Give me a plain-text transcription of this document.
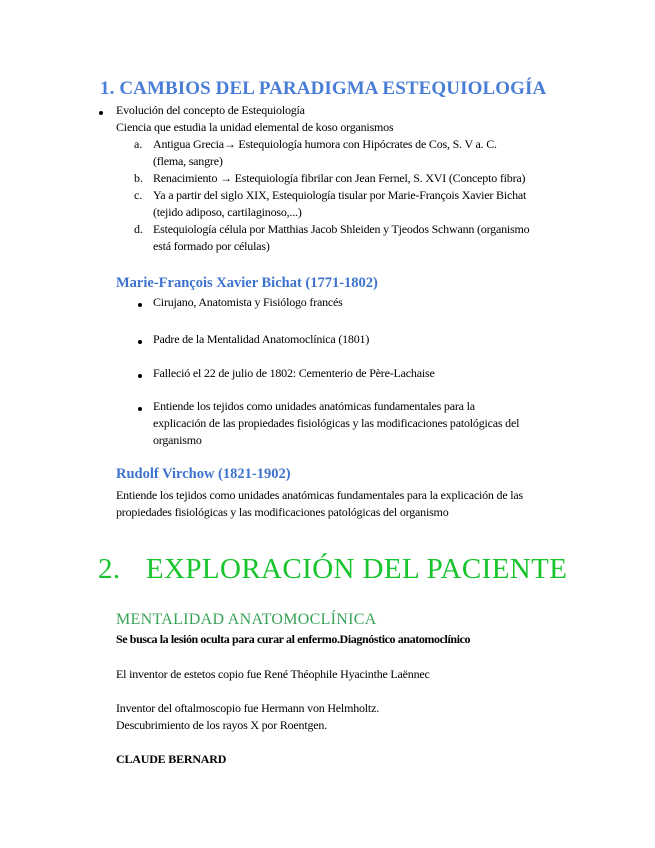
1. CAMBIOS DEL PARADIGMA ESTEQUIOLOGÍA
Evolución del concepto de Estequiología
Ciencia que estudia la unidad elemental de koso organismos
a. Antigua Grecia→ Estequiología humora con Hipócrates de Cos, S. V a. C.
(flema, sangre)
b. Renacimiento → Estequiología fibrilar con Jean Fernel, S. XVI (Concepto fibra)
c. Ya a partir del siglo XIX, Estequiología tisular por Marie-François Xavier Bichat
(tejido adiposo, cartilaginoso,...)
d. Estequiología célula por Matthias Jacob Shleiden y Tjeodos Schwann (organismo
está formado por células)
Marie-François Xavier Bichat (1771-1802)
Cirujano, Anatomista y Fisiólogo francés
Padre de la Mentalidad Anatomoclínica (1801)
Falleció el 22 de julio de 1802: Cementerio de Père-Lachaise
Entiende los tejidos como unidades anatómicas fundamentales para la
explicación de las propiedades fisiológicas y las modificaciones patológicas del
organismo
Rudolf Virchow (1821-1902)
Entiende los tejidos como unidades anatómicas fundamentales para la explicación de las
propiedades fisiológicas y las modificaciones patológicas del organismo
2. EXPLORACIÓN DEL PACIENTE
MENTALIDAD ANATOMOCLÍNICA
Se busca la lesión oculta para curar al enfermo.Diagnóstico anatomoclínico
El inventor de estetos copio fue René Théophile Hyacinthe Laënnec
Inventor del oftalmoscopio fue Hermann von Helmholtz.
Descubrimiento de los rayos X por Roentgen.
CLAUDE BERNARD
